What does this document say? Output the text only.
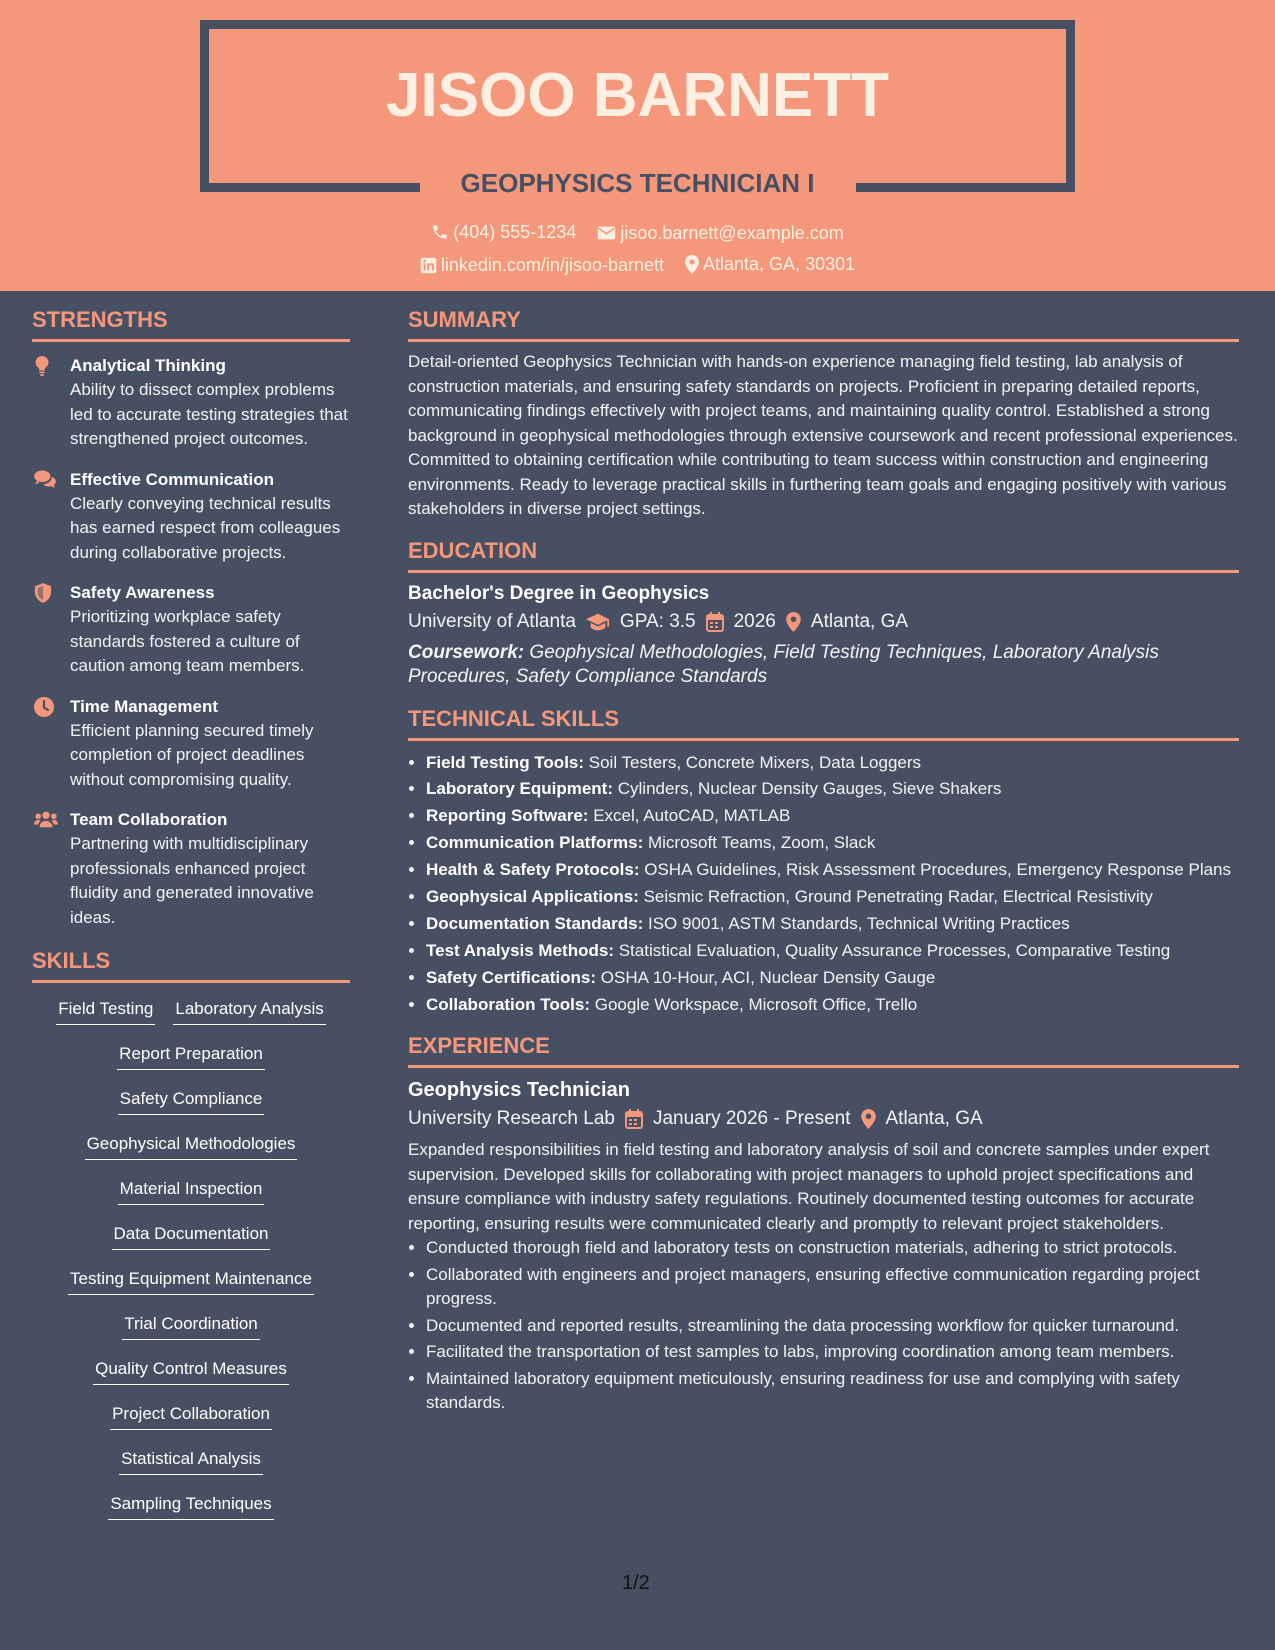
JISOO BARNETT
GEOPHYSICS TECHNICIAN I
(404) 555-1234
jisoo.barnett@example.com
linkedin.com/in/jisoo-barnett
Atlanta, GA, 30301
STRENGTHS
Analytical Thinking
Ability to dissect complex problems led to accurate testing strategies that strengthened project outcomes.
Effective Communication
Clearly conveying technical results has earned respect from colleagues during collaborative projects.
Safety Awareness
Prioritizing workplace safety standards fostered a culture of caution among team members.
Time Management
Efficient planning secured timely completion of project deadlines without compromising quality.
Team Collaboration
Partnering with multidisciplinary professionals enhanced project fluidity and generated innovative ideas.
SKILLS
Field Testing Laboratory Analysis
Report Preparation
Safety Compliance
Geophysical Methodologies
Material Inspection
Data Documentation
Testing Equipment Maintenance
Trial Coordination
Quality Control Measures
Project Collaboration
Statistical Analysis
Sampling Techniques
SUMMARY
Detail-oriented Geophysics Technician with hands-on experience managing field testing, lab analysis of construction materials, and ensuring safety standards on projects. Proficient in preparing detailed reports, communicating findings effectively with project teams, and maintaining quality control. Established a strong background in geophysical methodologies through extensive coursework and recent professional experiences. Committed to obtaining certification while contributing to team success within construction and engineering environments. Ready to leverage practical skills in furthering team goals and engaging positively with various stakeholders in diverse project settings.
EDUCATION
Bachelor's Degree in Geophysics
University of Atlanta GPA: 3.5 2026 Atlanta, GA
Coursework: Geophysical Methodologies, Field Testing Techniques, Laboratory Analysis Procedures, Safety Compliance Standards
TECHNICAL SKILLS
• Field Testing Tools: Soil Testers, Concrete Mixers, Data Loggers
• Laboratory Equipment: Cylinders, Nuclear Density Gauges, Sieve Shakers
• Reporting Software: Excel, AutoCAD, MATLAB
• Communication Platforms: Microsoft Teams, Zoom, Slack
• Health & Safety Protocols: OSHA Guidelines, Risk Assessment Procedures, Emergency Response Plans
• Geophysical Applications: Seismic Refraction, Ground Penetrating Radar, Electrical Resistivity
• Documentation Standards: ISO 9001, ASTM Standards, Technical Writing Practices
• Test Analysis Methods: Statistical Evaluation, Quality Assurance Processes, Comparative Testing
• Safety Certifications: OSHA 10-Hour, ACI, Nuclear Density Gauge
• Collaboration Tools: Google Workspace, Microsoft Office, Trello
EXPERIENCE
Geophysics Technician
University Research Lab January 2026 - Present Atlanta, GA
Expanded responsibilities in field testing and laboratory analysis of soil and concrete samples under expert supervision. Developed skills for collaborating with project managers to uphold project specifications and ensure compliance with industry safety regulations. Routinely documented testing outcomes for accurate reporting, ensuring results were communicated clearly and promptly to relevant project stakeholders.
• Conducted thorough field and laboratory tests on construction materials, adhering to strict protocols.
• Collaborated with engineers and project managers, ensuring effective communication regarding project progress.
• Documented and reported results, streamlining the data processing workflow for quicker turnaround.
• Facilitated the transportation of test samples to labs, improving coordination among team members.
• Maintained laboratory equipment meticulously, ensuring readiness for use and complying with safety standards.
1/2
